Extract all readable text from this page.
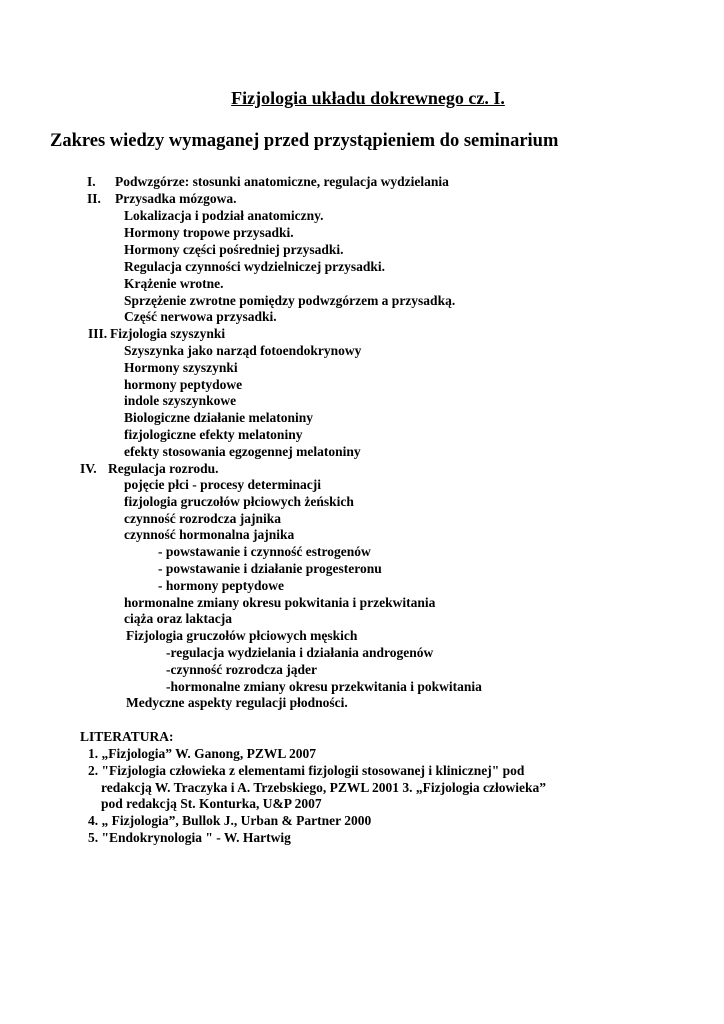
Fizjologia układu dokrewnego cz. I.
Zakres wiedzy wymaganej przed przystąpieniem do seminarium
I. Podwzgórze: stosunki anatomiczne, regulacja wydzielania
II. Przysadka mózgowa.
Lokalizacja i podział anatomiczny.
Hormony tropowe przysadki.
Hormony części pośredniej przysadki.
Regulacja czynności wydzielniczej przysadki.
Krążenie wrotne.
Sprzężenie zwrotne pomiędzy podwzgórzem a przysadką.
Część nerwowa przysadki.
III. Fizjologia szyszynki
Szyszynka jako narząd fotoendokrynowy
Hormony szyszynki
hormony peptydowe
indole szyszynkowe
Biologiczne działanie melatoniny
fizjologiczne efekty melatoniny
efekty stosowania egzogennej melatoniny
IV. Regulacja rozrodu.
pojęcie płci - procesy determinacji
fizjologia gruczołów płciowych żeńskich
czynność rozrodcza jajnika
czynność hormonalna jajnika
- powstawanie i czynność estrogenów
- powstawanie i działanie progesteronu
- hormony peptydowe
hormonalne zmiany okresu pokwitania i przekwitania
ciąża oraz laktacja
Fizjologia gruczołów płciowych męskich
-regulacja wydzielania i działania androgenów
-czynność rozrodcza jąder
-hormonalne zmiany okresu przekwitania i pokwitania
Medyczne aspekty regulacji płodności.
LITERATURA:
1. „Fizjologia” W. Ganong, PZWL 2007
2. "Fizjologia człowieka z elementami fizjologii stosowanej i klinicznej" pod
redakcją W. Traczyka i A. Trzebskiego, PZWL 2001 3. „Fizjologia człowieka”
pod redakcją St. Konturka, U&P 2007
4. „ Fizjologia”, Bullok J., Urban & Partner 2000
5. "Endokrynologia " - W. Hartwig
